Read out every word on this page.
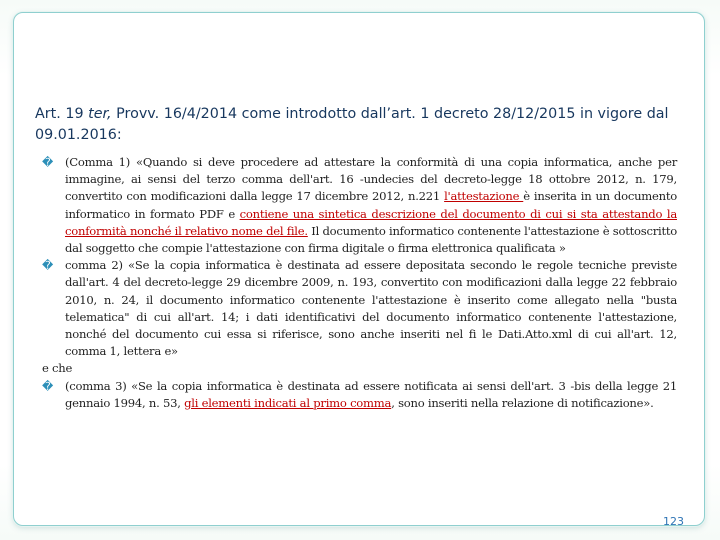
Art. 19 ter, Provv. 16/4/2014 come introdotto dall’art. 1 decreto 28/12/2015 in vigore dal 09.01.2016:

� (Comma 1) «Quando si deve procedere ad attestare la conformità di una copia informatica, anche per immagine, ai sensi del terzo comma dell'art. 16 -undecies del decreto-legge 18 ottobre 2012, n. 179, convertito con modificazioni dalla legge 17 dicembre 2012, n.221 l'attestazione è inserita in un documento informatico in formato PDF e contiene una sintetica descrizione del documento di cui si sta attestando la conformità nonché il relativo nome del file. Il documento informatico contenente l'attestazione è sottoscritto dal soggetto che compie l'attestazione con firma digitale o firma elettronica qualificata »

� comma 2) «Se la copia informatica è destinata ad essere depositata secondo le regole tecniche previste dall'art. 4 del decreto-legge 29 dicembre 2009, n. 193, convertito con modificazioni dalla legge 22 febbraio 2010, n. 24, il documento informatico contenente l'attestazione è inserito come allegato nella "busta telematica" di cui all'art. 14; i dati identificativi del documento informatico contenente l'attestazione, nonché del documento cui essa si riferisce, sono anche inseriti nel fi le Dati.Atto.xml di cui all'art. 12, comma 1, lettera e»

e che

� (comma 3) «Se la copia informatica è destinata ad essere notificata ai sensi dell'art. 3 -bis della legge 21 gennaio 1994, n. 53, gli elementi indicati al primo comma, sono inseriti nella relazione di notificazione».

123
